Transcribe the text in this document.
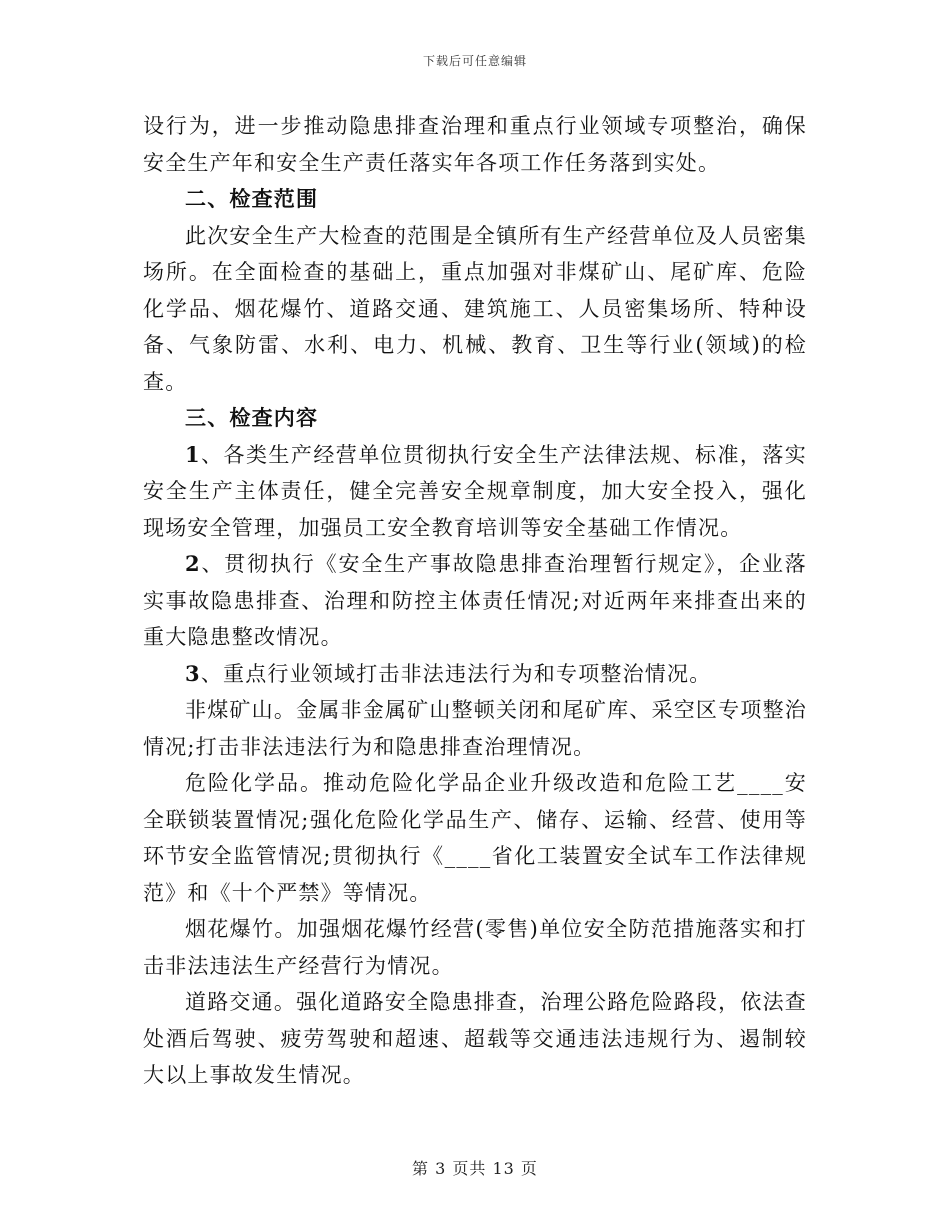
下载后可任意编辑

设行为，进一步推动隐患排查治理和重点行业领域专项整治，确保安全生产年和安全生产责任落实年各项工作任务落到实处。

二、检查范围

此次安全生产大检查的范围是全镇所有生产经营单位及人员密集场所。在全面检查的基础上，重点加强对非煤矿山、尾矿库、危险化学品、烟花爆竹、道路交通、建筑施工、人员密集场所、特种设备、气象防雷、水利、电力、机械、教育、卫生等行业(领域)的检查。

三、检查内容

1、各类生产经营单位贯彻执行安全生产法律法规、标准，落实安全生产主体责任，健全完善安全规章制度，加大安全投入，强化现场安全管理，加强员工安全教育培训等安全基础工作情况。

2、贯彻执行《安全生产事故隐患排查治理暂行规定》，企业落实事故隐患排查、治理和防控主体责任情况;对近两年来排查出来的重大隐患整改情况。

3、重点行业领域打击非法违法行为和专项整治情况。

非煤矿山。金属非金属矿山整顿关闭和尾矿库、采空区专项整治情况;打击非法违法行为和隐患排查治理情况。

危险化学品。推动危险化学品企业升级改造和危险工艺____安全联锁装置情况;强化危险化学品生产、储存、运输、经营、使用等环节安全监管情况;贯彻执行《____省化工装置安全试车工作法律规范》和《十个严禁》等情况。

烟花爆竹。加强烟花爆竹经营(零售)单位安全防范措施落实和打击非法违法生产经营行为情况。

道路交通。强化道路安全隐患排查，治理公路危险路段，依法查处酒后驾驶、疲劳驾驶和超速、超载等交通违法违规行为、遏制较大以上事故发生情况。

第 3 页共 13 页
